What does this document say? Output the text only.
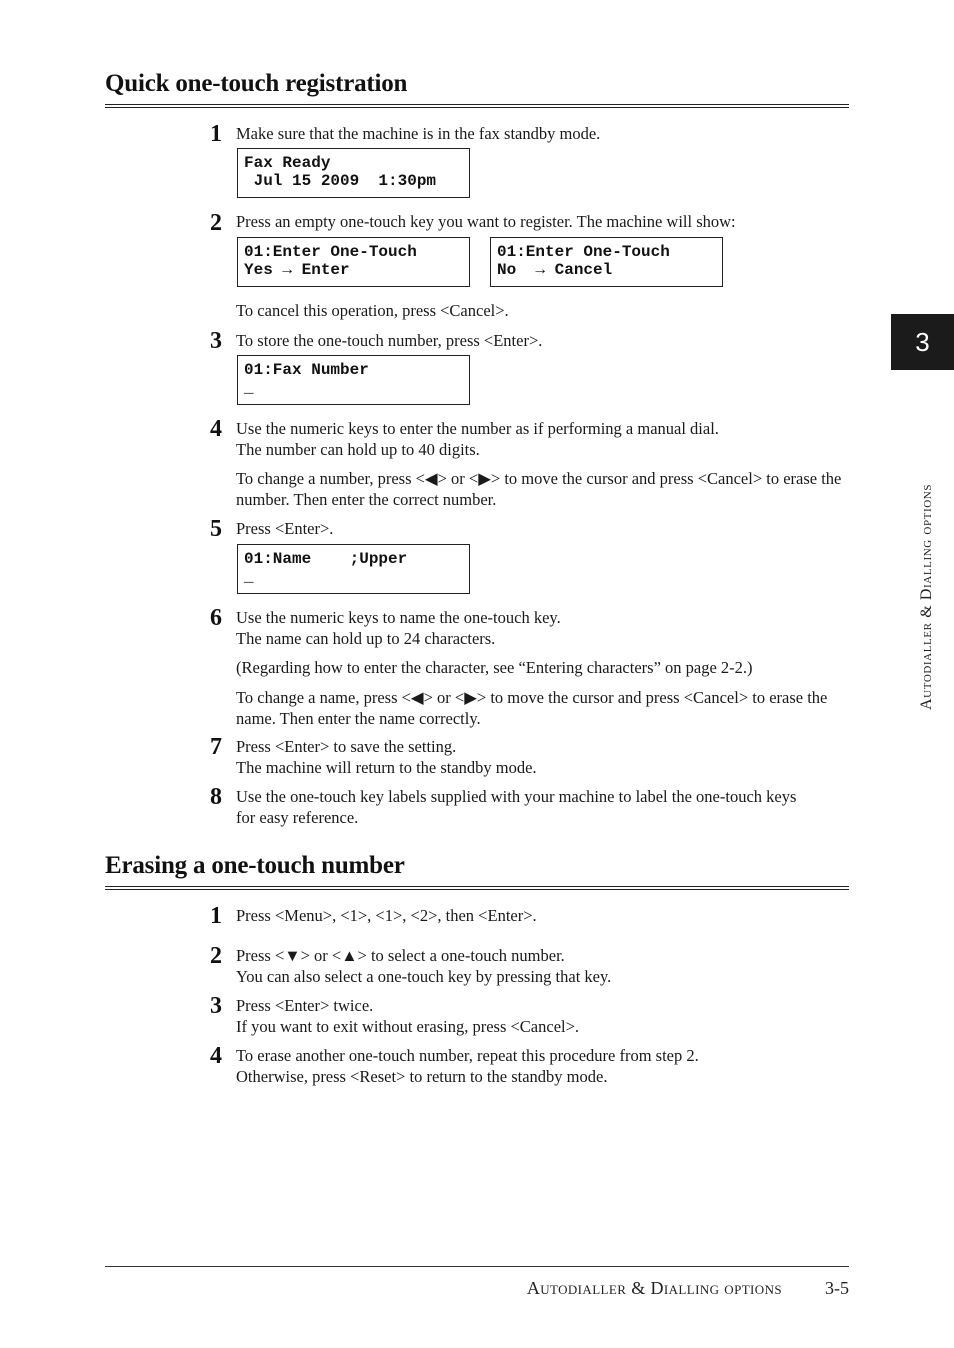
Quick one-touch registration
1 Make sure that the machine is in the fax standby mode.

Fax Ready
Jul 15 2009  1:30pm
2 Press an empty one-touch key you want to register. The machine will show:

01:Enter One-Touch
Yes → Enter
01:Enter One-Touch
No  → Cancel

To cancel this operation, press <Cancel>.

3 To store the one-touch number, press <Enter>.

01:Fax Number
_
4 Use the numeric keys to enter the number as if performing a manual dial.
The number can hold up to 40 digits.

To change a number, press <◀> or <▶> to move the cursor and press <Cancel> to erase the number. Then enter the correct number.

5 Press <Enter>.

01:Name    ;Upper
_
6 Use the numeric keys to name the one-touch key.
The name can hold up to 24 characters.

(Regarding how to enter the character, see “Entering characters” on page 2-2.)

To change a name, press <◀> or <▶> to move the cursor and press <Cancel> to erase the name. Then enter the name correctly.

7 Press <Enter> to save the setting.
The machine will return to the standby mode.

8 Use the one-touch key labels supplied with your machine to label the one-touch keys
for easy reference.

Erasing a one-touch number
1 Press <Menu>, <1>, <1>, <2>, then <Enter>.

2 Press <▼> or <▲> to select a one-touch number.
You can also select a one-touch key by pressing that key.

3 Press <Enter> twice.
If you want to exit without erasing, press <Cancel>.

4 To erase another one-touch number, repeat this procedure from step 2.
Otherwise, press <Reset> to return to the standby mode.

3
Autodialler & Dialling options
Autodialler & Dialling options 3-5
